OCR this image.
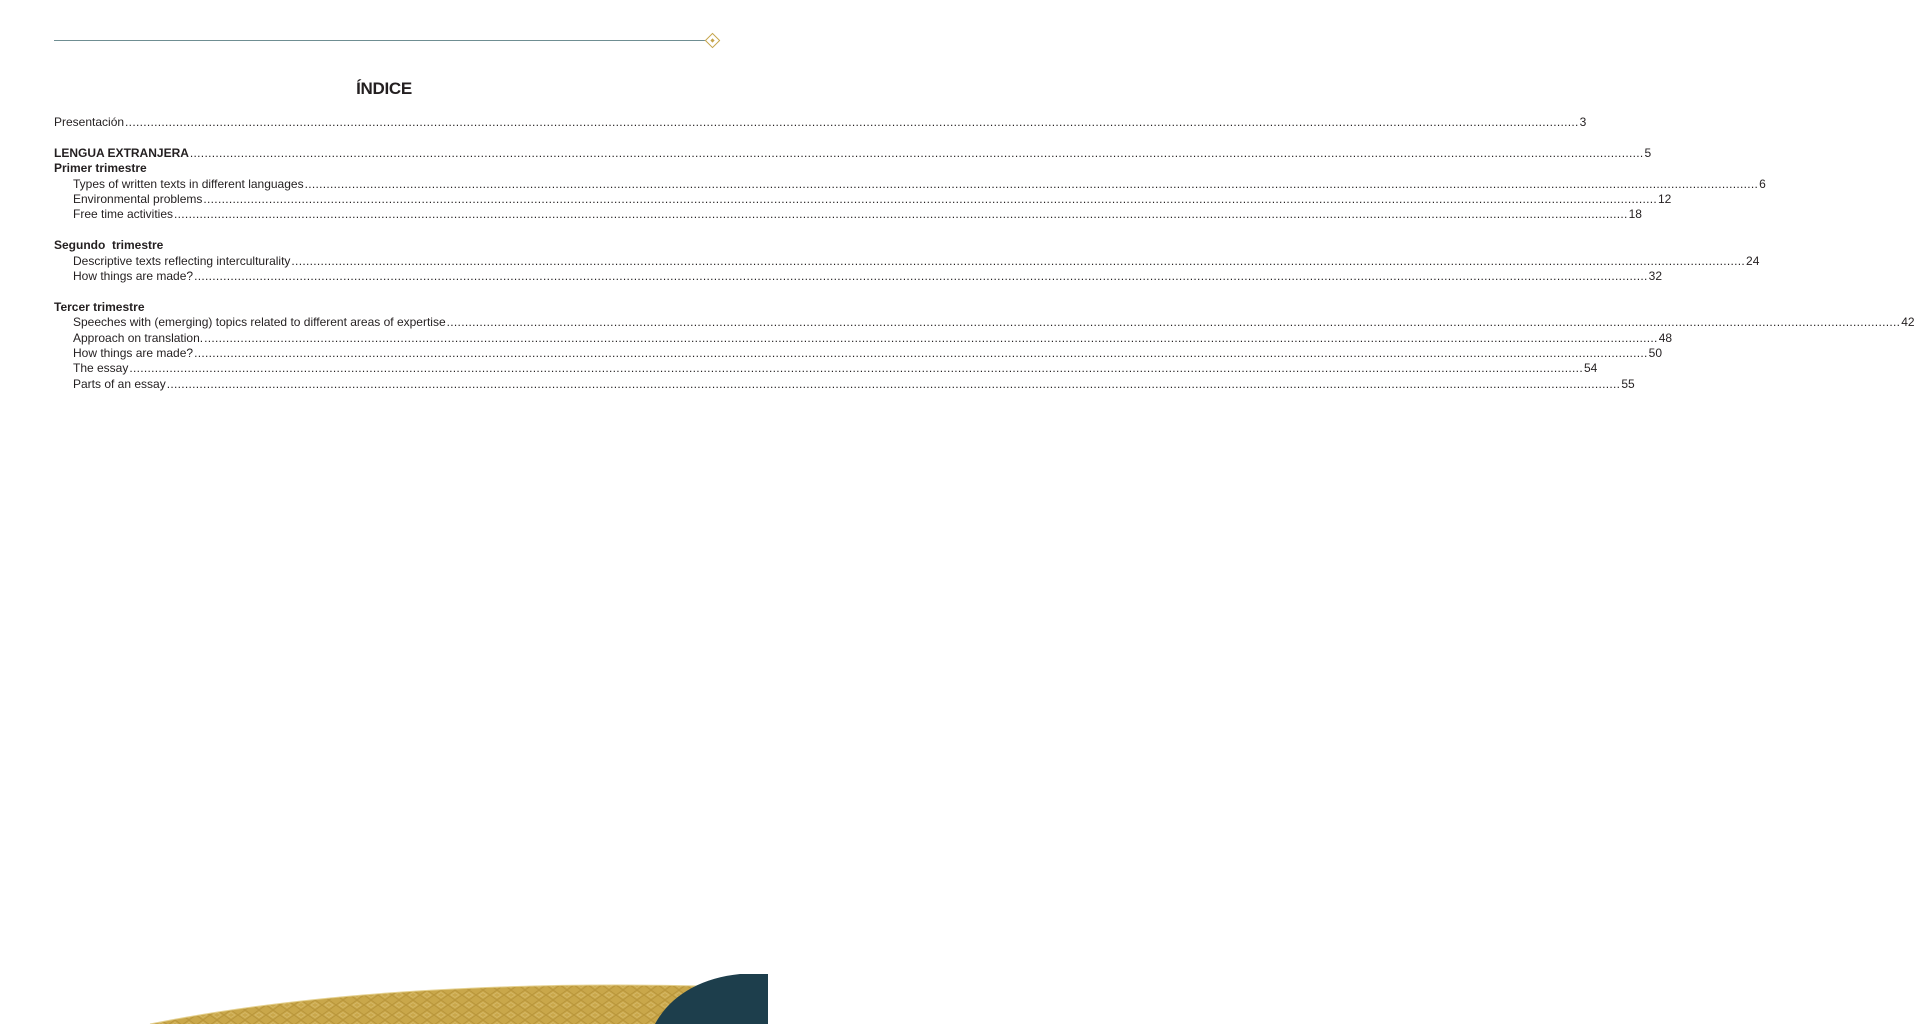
ÍNDICE
Presentación ................................................................................................................................................................................................................................................................................................................................................................................................................ 3
LENGUA EXTRANJERA ................................................................................................................................................................................................................................................................................................................................................................................................................ 5
Primer trimestre
Types of written texts in different languages ................................................................................................................................................................................................................................................................................................................................................................................................................ 6
Environmental problems ................................................................................................................................................................................................................................................................................................................................................................................................................ 12
Free time activities ................................................................................................................................................................................................................................................................................................................................................................................................................ 18
Segundo  trimestre
Descriptive texts reflecting interculturality ................................................................................................................................................................................................................................................................................................................................................................................................................ 24
How things are made? ................................................................................................................................................................................................................................................................................................................................................................................................................ 32
Tercer trimestre
Speeches with (emerging) topics related to different areas of expertise ................................................................................................................................................................................................................................................................................................................................................................................................................ 42
Approach on translation. ................................................................................................................................................................................................................................................................................................................................................................................................................ 48
How things are made? ................................................................................................................................................................................................................................................................................................................................................................................................................ 50
The essay ................................................................................................................................................................................................................................................................................................................................................................................................................ 54
Parts of an essay ................................................................................................................................................................................................................................................................................................................................................................................................................ 55
